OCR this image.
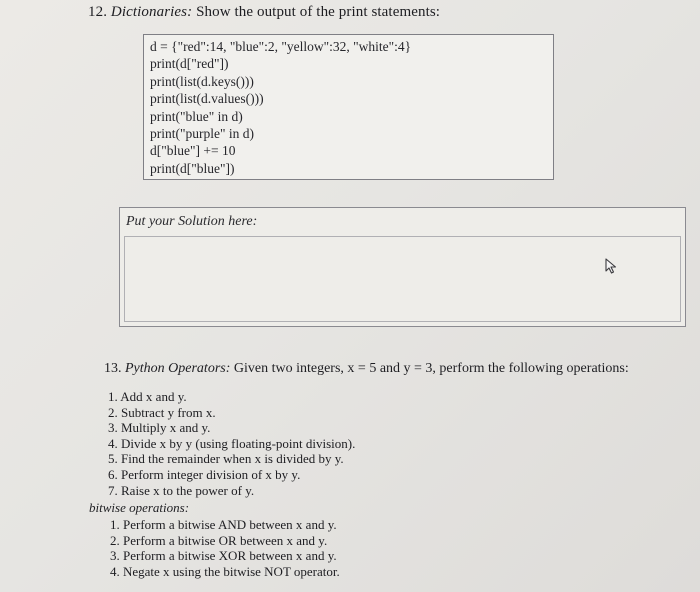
12. Dictionaries: Show the output of the print statements:
d = {"red":14, "blue":2, "yellow":32, "white":4}
print(d["red"])
print(list(d.keys()))
print(list(d.values()))
print("blue" in d)
print("purple" in d)
d["blue"] += 10
print(d["blue"])
Put your Solution here:
13. Python Operators: Given two integers, x = 5 and y = 3, perform the following operations:
1. Add x and y.
2. Subtract y from x.
3. Multiply x and y.
4. Divide x by y (using floating-point division).
5. Find the remainder when x is divided by y.
6. Perform integer division of x by y.
7. Raise x to the power of y.
bitwise operations:
1. Perform a bitwise AND between x and y.
2. Perform a bitwise OR between x and y.
3. Perform a bitwise XOR between x and y.
4. Negate x using the bitwise NOT operator.
